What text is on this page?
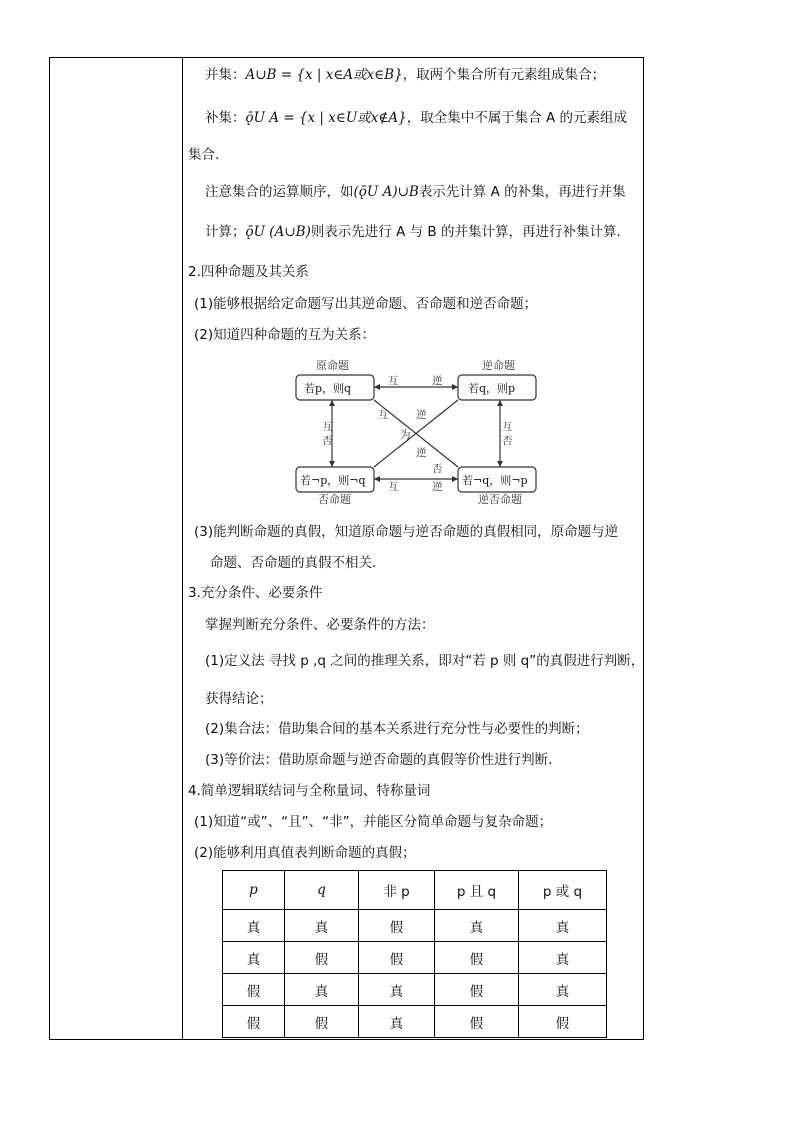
并集：A∪B = {x | x∈A或x∈B}，取两个集合所有元素组成集合；
补集：ǭU A = {x | x∈U或x∉A}，取全集中不属于集合 A 的元素组成
集合.
注意集合的运算顺序，如(ǭU A)∪B表示先计算 A 的补集，再进行并集
计算；ǭU (A∪B)则表示先进行 A 与 B 的并集计算，再进行补集计算.
2.四种命题及其关系
(1)能够根据给定命题写出其逆命题、否命题和逆否命题；
(2)知道四种命题的互为关系：
原命题	逆命题
否命题	逆否命题
若p，则q	若q，则p
若¬p，则¬q	若¬q，则¬p
互	逆
互	逆
互
否
互
否
互	逆
为
逆
否
(3)能判断命题的真假，知道原命题与逆否命题的真假相同，原命题与逆
命题、否命题的真假不相关.
3.充分条件、必要条件
掌握判断充分条件、必要条件的方法：
(1)定义法 寻找 p ,q 之间的推理关系，即对“若 p 则 q”的真假进行判断，
获得结论；
(2)集合法：借助集合间的基本关系进行充分性与必要性的判断；
(3)等价法：借助原命题与逆否命题的真假等价性进行判断.
4.简单逻辑联结词与全称量词、特称量词
(1)知道“或”、“且”、“非”，并能区分简单命题与复杂命题；
(2)能够利用真值表判断命题的真假；
p	q	非 p	p 且 q	p 或 q
真	真	假	真	真
真	假	假	假	真
假	真	真	假	真
假	假	真	假	假
